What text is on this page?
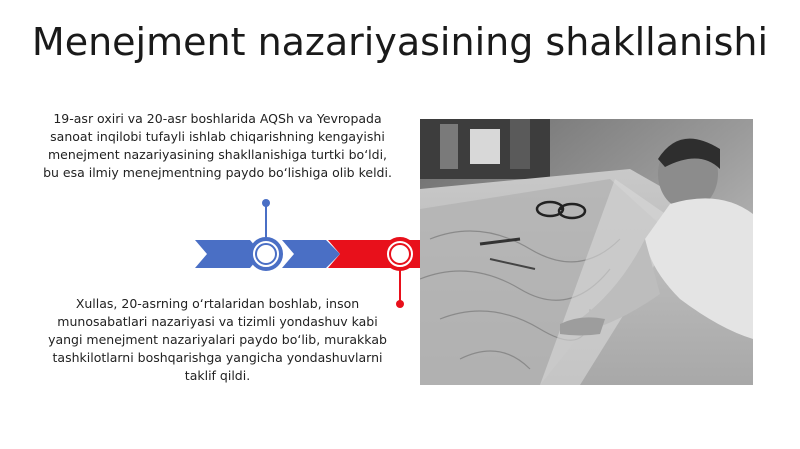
Menejment nazariyasining shakllanishi
19-asr oxiri va 20-asr boshlarida AQSh va Yevropada sanoat inqilobi tufayli ishlab chiqarishning kengayishi menejment nazariyasining shakllanishiga turtki bo‘ldi, bu esa ilmiy menejmentning paydo bo‘lishiga olib keldi.
Xullas, 20-asrning o‘rtalaridan boshlab, inson munosabatlari nazariyasi va tizimli yondashuv kabi yangi menejment nazariyalari paydo bo‘lib, murakkab tashkilotlarni boshqarishga yangicha yondashuvlarni taklif qildi.
